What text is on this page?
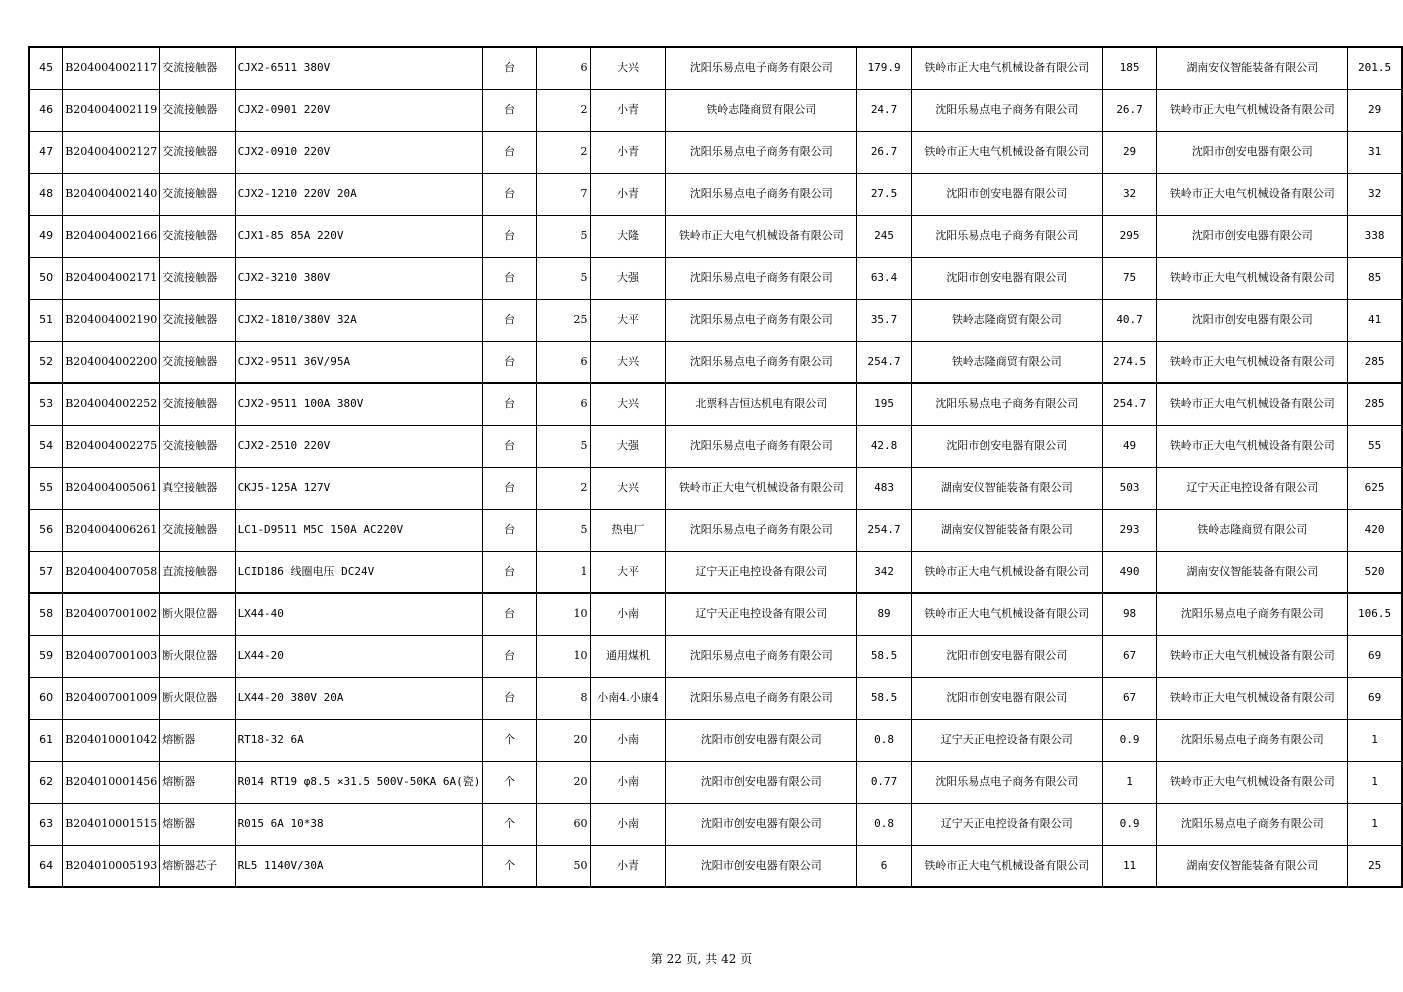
45	B204004002117	交流接触器	CJX2-6511 380V	台	6	大兴	沈阳乐易点电子商务有限公司	179.9	铁岭市正大电气机械设备有限公司	185	湖南安仪智能装备有限公司	201.5
46	B204004002119	交流接触器	CJX2-0901 220V	台	2	小青	铁岭志隆商贸有限公司	24.7	沈阳乐易点电子商务有限公司	26.7	铁岭市正大电气机械设备有限公司	29
47	B204004002127	交流接触器	CJX2-0910 220V	台	2	小青	沈阳乐易点电子商务有限公司	26.7	铁岭市正大电气机械设备有限公司	29	沈阳市创安电器有限公司	31
48	B204004002140	交流接触器	CJX2-1210 220V 20A	台	7	小青	沈阳乐易点电子商务有限公司	27.5	沈阳市创安电器有限公司	32	铁岭市正大电气机械设备有限公司	32
49	B204004002166	交流接触器	CJX1-85 85A 220V	台	5	大隆	铁岭市正大电气机械设备有限公司	245	沈阳乐易点电子商务有限公司	295	沈阳市创安电器有限公司	338
50	B204004002171	交流接触器	CJX2-3210 380V	台	5	大强	沈阳乐易点电子商务有限公司	63.4	沈阳市创安电器有限公司	75	铁岭市正大电气机械设备有限公司	85
51	B204004002190	交流接触器	CJX2-1810/380V 32A	台	25	大平	沈阳乐易点电子商务有限公司	35.7	铁岭志隆商贸有限公司	40.7	沈阳市创安电器有限公司	41
52	B204004002200	交流接触器	CJX2-9511 36V/95A	台	6	大兴	沈阳乐易点电子商务有限公司	254.7	铁岭志隆商贸有限公司	274.5	铁岭市正大电气机械设备有限公司	285
53	B204004002252	交流接触器	CJX2-9511 100A 380V	台	6	大兴	北票科吉恒达机电有限公司	195	沈阳乐易点电子商务有限公司	254.7	铁岭市正大电气机械设备有限公司	285
54	B204004002275	交流接触器	CJX2-2510 220V	台	5	大强	沈阳乐易点电子商务有限公司	42.8	沈阳市创安电器有限公司	49	铁岭市正大电气机械设备有限公司	55
55	B204004005061	真空接触器	CKJ5-125A 127V	台	2	大兴	铁岭市正大电气机械设备有限公司	483	湖南安仪智能装备有限公司	503	辽宁天正电控设备有限公司	625
56	B204004006261	交流接触器	LC1-D9511 M5C 150A AC220V	台	5	热电厂	沈阳乐易点电子商务有限公司	254.7	湖南安仪智能装备有限公司	293	铁岭志隆商贸有限公司	420
57	B204004007058	直流接触器	LCID186 线圈电压 DC24V	台	1	大平	辽宁天正电控设备有限公司	342	铁岭市正大电气机械设备有限公司	490	湖南安仪智能装备有限公司	520
58	B204007001002	断火限位器	LX44-40	台	10	小南	辽宁天正电控设备有限公司	89	铁岭市正大电气机械设备有限公司	98	沈阳乐易点电子商务有限公司	106.5
59	B204007001003	断火限位器	LX44-20	台	10	通用煤机	沈阳乐易点电子商务有限公司	58.5	沈阳市创安电器有限公司	67	铁岭市正大电气机械设备有限公司	69
60	B204007001009	断火限位器	LX44-20 380V 20A	台	8	小南4.小康4	沈阳乐易点电子商务有限公司	58.5	沈阳市创安电器有限公司	67	铁岭市正大电气机械设备有限公司	69
61	B204010001042	熔断器	RT18-32 6A	个	20	小南	沈阳市创安电器有限公司	0.8	辽宁天正电控设备有限公司	0.9	沈阳乐易点电子商务有限公司	1
62	B204010001456	熔断器	R014 RT19 φ8.5 ×31.5 500V-50KA 6A(瓷)	个	20	小南	沈阳市创安电器有限公司	0.77	沈阳乐易点电子商务有限公司	1	铁岭市正大电气机械设备有限公司	1
63	B204010001515	熔断器	R015 6A 10*38	个	60	小南	沈阳市创安电器有限公司	0.8	辽宁天正电控设备有限公司	0.9	沈阳乐易点电子商务有限公司	1
64	B204010005193	熔断器芯子	RL5 1140V/30A	个	50	小青	沈阳市创安电器有限公司	6	铁岭市正大电气机械设备有限公司	11	湖南安仪智能装备有限公司	25
第 22 页, 共 42 页
